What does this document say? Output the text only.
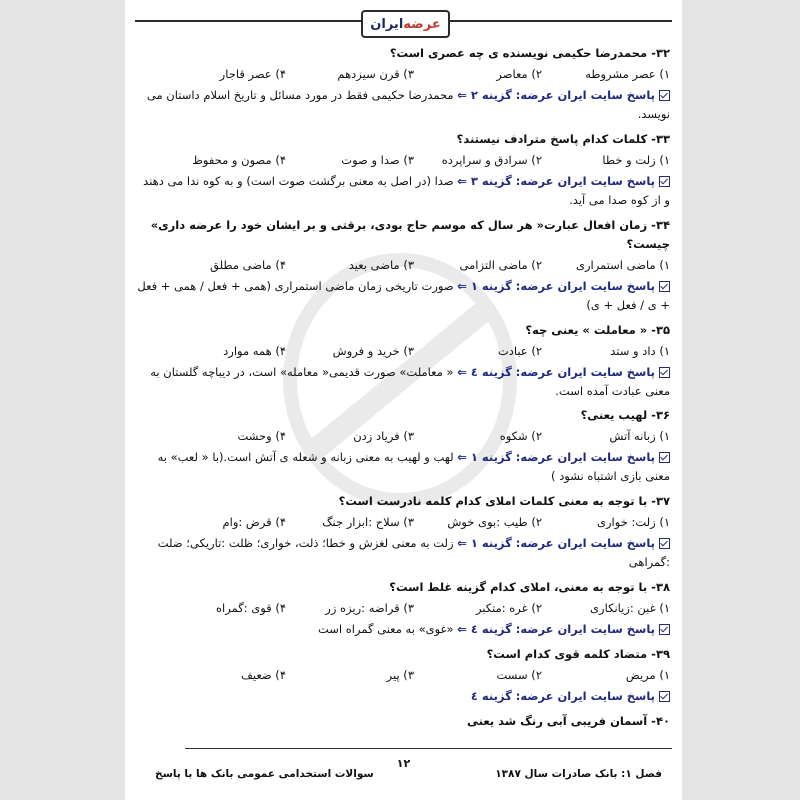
ایران عرضه
۳۲- محمدرضا حکیمی نویسنده ی چه عصری است؟
۱) عصر مشروطه
۲) معاصر
۳) قرن سیزدهم
۴) عصر قاجار
پاسخ سایت ایران عرضه: گزینه ۲ ⇐ محمدرضا حکیمی فقط در مورد مسائل و تاریخ اسلام داستان می نویسد.
۳۳- کلمات کدام پاسخ مترادف نیستند؟
۱) زلت و خطا
۲) سرادق و سراپرده
۳) صدا و صوت
۴) مصون و محفوظ
پاسخ سایت ایران عرضه: گزینه ۳ ⇐ صدا (در اصل به معنی برگشت صوت است) و به کوه ندا می دهند و از کوه صدا می آید.
۳۴- زمان افعال عبارت« هر سال که موسم حاج بودی، برقتی و بر ایشان خود را عرضه داری» چیست؟
۱) ماضی استمراری
۲) ماضی التزامی
۳) ماضی بعید
۴) ماضی مطلق
پاسخ سایت ایران عرضه: گزینه ۱ ⇐ صورت تاریخی زمان ماضی استمراری (همی + فعل / همی + فعل + ی / فعل + ی)
۳۵- « معاملت » یعنی چه؟
۱) داد و ستد
۲) عبادت
۳) خرید و فروش
۴) همه موارد
پاسخ سایت ایران عرضه: گزینه ٤ ⇐ « معاملت» صورت قدیمی« معامله» است، در دیباچه گلستان به معنی عبادت آمده است.
۳۶- لهیب یعنی؟
۱) زبانه آتش
۲) شکوه
۳) فریاد زدن
۴) وحشت
پاسخ سایت ایران عرضه: گزینه ۱ ⇐ لهب و لهیب به معنی زبانه و شعله ی آتش است.(با « لعب» به معنی بازی اشتباه نشود )
۳۷- با توجه به معنی کلمات املای کدام کلمه نادرست است؟
۱) زلت: خواری
۲) طیب :بوی خوش
۳) سلاح :ابزار جنگ
۴) قرض :وام
پاسخ سایت ایران عرضه: گزینه ۱ ⇐ زلت به معنی لغزش و خطا؛ ذلت، خواری؛ ظلت :تاریکی؛ ضلت :گمراهی
۳۸- با توجه به معنی، املای کدام گزینه غلط است؟
۱) غبن :زیانکاری
۲) غره :متکبر
۳) قراضه :ریزه زر
۴) قوی :گمراه
پاسخ سایت ایران عرضه: گزینه ٤ ⇐ «غوی» به معنی گمراه است
۳۹- متضاد کلمه قوی کدام است؟
۱) مریض
۲) سست
۳) پیر
۴) ضعیف
پاسخ سایت ایران عرضه: گزینه ٤
۴۰- آسمان فریبی آبی رنگ شد یعنی
۱۲
فصل ۱: بانک صادرات سال ۱۳۸۷
سوالات استخدامی عمومی بانک ها با پاسخ
